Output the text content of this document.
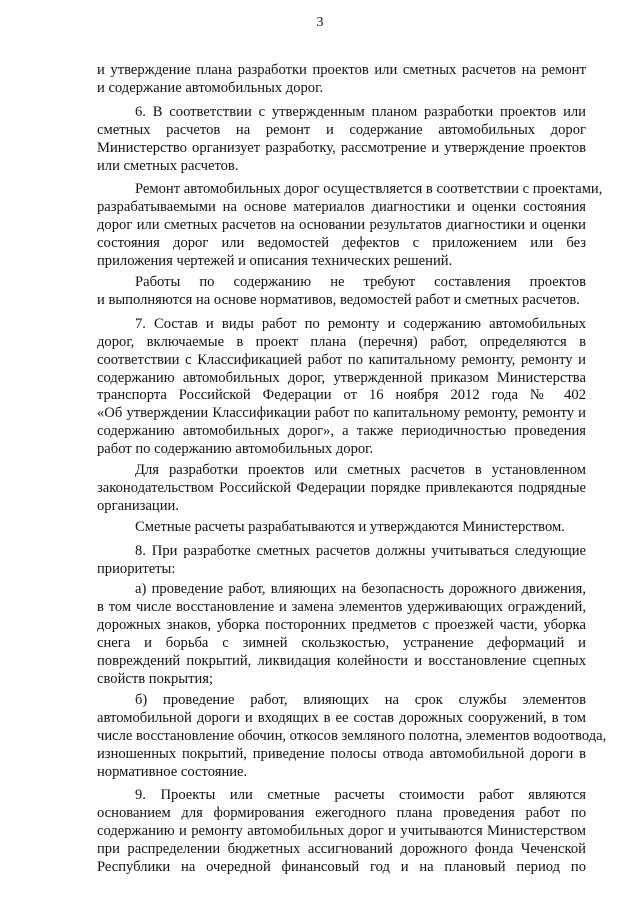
3
и утверждение плана разработки проектов или сметных расчетов на ремонт
и содержание автомобильных дорог.
6. В соответствии с утвержденным планом разработки проектов или
сметных расчетов на ремонт и содержание автомобильных дорог
Министерство организует разработку, рассмотрение и утверждение проектов
или сметных расчетов.
Ремонт автомобильных дорог осуществляется в соответствии с проектами,
разрабатываемыми на основе материалов диагностики и оценки состояния
дорог или сметных расчетов на основании результатов диагностики и оценки
состояния дорог или ведомостей дефектов с приложением или без
приложения чертежей и описания технических решений.
Работы по содержанию не требуют составления проектов
и выполняются на основе нормативов, ведомостей работ и сметных расчетов.
7. Состав и виды работ по ремонту и содержанию автомобильных
дорог, включаемые в проект плана (перечня) работ, определяются в
соответствии с Классификацией работ по капитальному ремонту, ремонту и
содержанию автомобильных дорог, утвержденной приказом Министерства
транспорта Российской Федерации от 16 ноября 2012 года № 402
«Об утверждении Классификации работ по капитальному ремонту, ремонту и
содержанию автомобильных дорог», а также периодичностью проведения
работ по содержанию автомобильных дорог.
Для разработки проектов или сметных расчетов в установленном
законодательством Российской Федерации порядке привлекаются подрядные
организации.
Сметные расчеты разрабатываются и утверждаются Министерством.
8. При разработке сметных расчетов должны учитываться следующие
приоритеты:
а) проведение работ, влияющих на безопасность дорожного движения,
в том числе восстановление и замена элементов удерживающих ограждений,
дорожных знаков, уборка посторонних предметов с проезжей части, уборка
снега и борьба с зимней скользкостью, устранение деформаций и
повреждений покрытий, ликвидация колейности и восстановление сцепных
свойств покрытия;
б) проведение работ, влияющих на срок службы элементов
автомобильной дороги и входящих в ее состав дорожных сооружений, в том
числе восстановление обочин, откосов земляного полотна, элементов водоотвода,
изношенных покрытий, приведение полосы отвода автомобильной дороги в
нормативное состояние.
9. Проекты или сметные расчеты стоимости работ являются
основанием для формирования ежегодного плана проведения работ по
содержанию и ремонту автомобильных дорог и учитываются Министерством
при распределении бюджетных ассигнований дорожного фонда Чеченской
Республики на очередной финансовый год и на плановый период по
